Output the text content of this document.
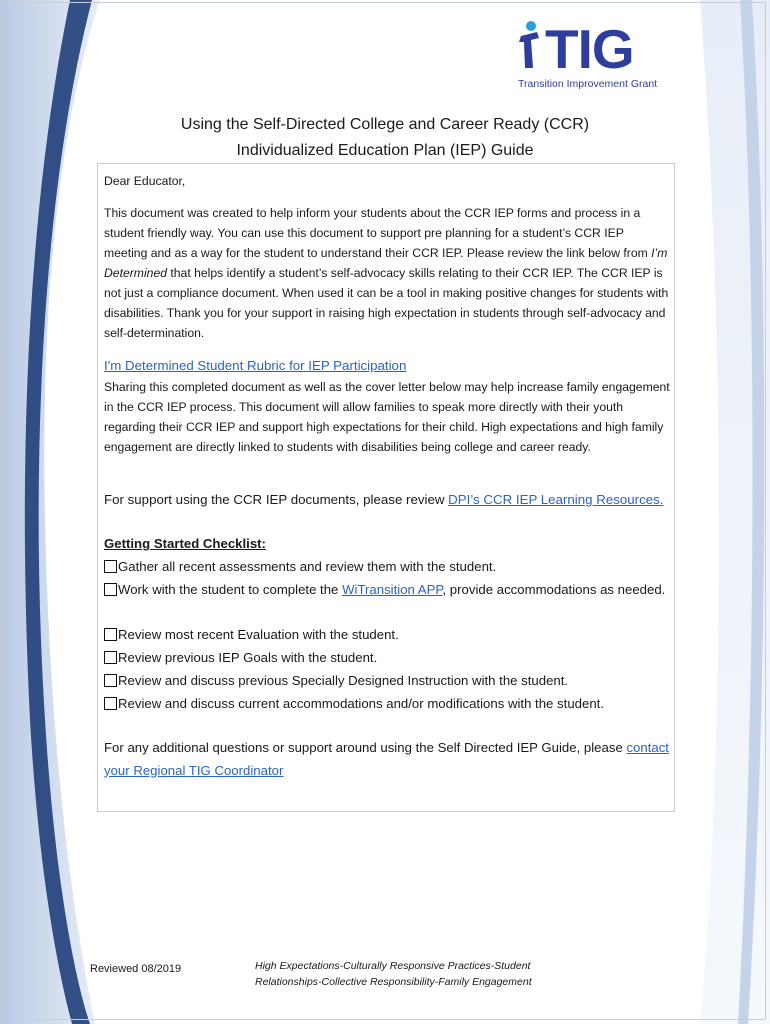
TIG
Transition Improvement Grant
Using the Self-Directed College and Career Ready (CCR)
Individualized Education Plan (IEP) Guide
Dear Educator,
This document was created to help inform your students about the CCR IEP forms and process in a student friendly way. You can use this document to support pre planning for a student’s CCR IEP meeting and as a way for the student to understand their CCR IEP. Please review the link below from I’m Determined that helps identify a student’s self-advocacy skills relating to their CCR IEP. The CCR IEP is not just a compliance document. When used it can be a tool in making positive changes for students with disabilities. Thank you for your support in raising high expectation in students through self-advocacy and self-determination.
I'm Determined Student Rubric for IEP Participation
Sharing this completed document as well as the cover letter below may help increase family engagement in the CCR IEP process. This document will allow families to speak more directly with their youth regarding their CCR IEP and support high expectations for their child. High expectations and high family engagement are directly linked to students with disabilities being college and career ready.
For support using the CCR IEP documents, please review DPI’s CCR IEP Learning Resources.
Getting Started Checklist:
Gather all recent assessments and review them with the student.
Work with the student to complete the WiTransition APP, provide accommodations as needed.
Review most recent Evaluation with the student.
Review previous IEP Goals with the student.
Review and discuss previous Specially Designed Instruction with the student.
Review and discuss current accommodations and/or modifications with the student.
For any additional questions or support around using the Self Directed IEP Guide, please contact your Regional TIG Coordinator
Reviewed 08/2019	High Expectations-Culturally Responsive Practices-Student
Relationships-Collective Responsibility-Family Engagement
